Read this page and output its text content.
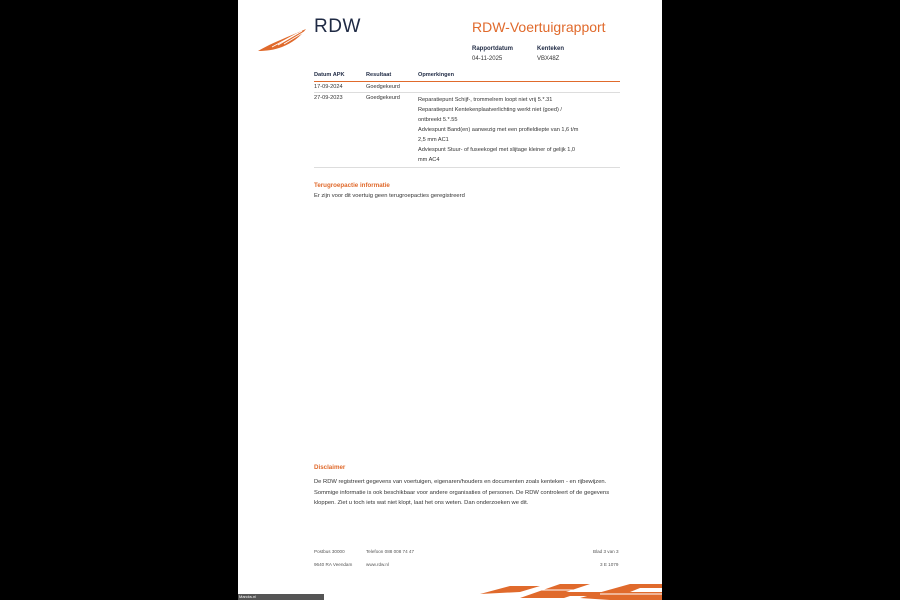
RDW	RDW-Voertuigrapport
Rapportdatum
04-11-2025
Kenteken
VBX48Z
Datum APK	Resultaat	Opmerkingen
17-09-2024	Goedgekeurd
27-09-2023	Goedgekeurd	Reparatiepunt Schijf-, trommelrem loopt niet vrij 5.*.31
Reparatiepunt Kentekenplaatverlichting werkt niet (goed) /
ontbreekt 5.*.55
Adviespunt Band(en) aanwezig met een profieldiepte van 1,6 t/m
2,5 mm AC1
Adviespunt Stuur- of fuseekogel met slijtage kleiner of gelijk 1,0
mm AC4
Terugroepactie informatie
Er zijn voor dit voertuig geen terugroepacties geregistreerd
Disclaimer
De RDW registreert gegevens van voertuigen, eigenaren/houders en documenten zoals kenteken - en rijbewijzen. Sommige informatie is ook beschikbaar voor andere organisaties of personen. De RDW controleert of de gegevens kloppen. Ziet u toch iets wat niet klopt, laat het ons weten. Dan onderzoeken we dit.
Postbus 30000
9640 RA Veendam
Telefoon 088 008 74 47
www.rdw.nl
Blad 3 van 3
3 E 1079
Marcks.nl
